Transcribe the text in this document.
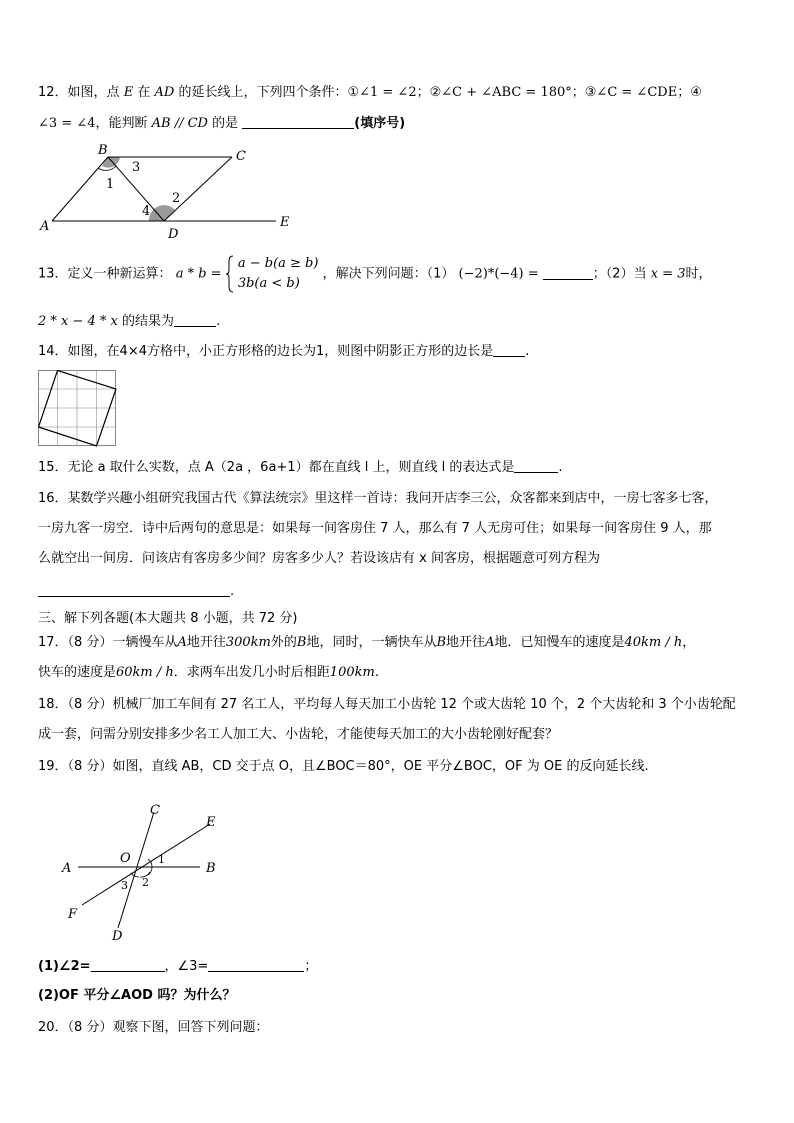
12．如图，点 E 在 AD 的延长线上，下列四个条件：①∠1 = ∠2；②∠C + ∠ABC = 180°；③∠C = ∠CDE；④
∠3 = ∠4，能判断 AB // CD 的是	(填序号)
B	C
A
D
E
1
2
3
4
13．定义一种新运算： a * b =  a − b(a ≥ b)
3b(a < b) ，解决下列问题：（1） (−2)*(−4) =	；（2）当 x = 3时，
2 * x − 4 * x 的结果为	.
14．如图，在4×4方格中，小正方形格的边长为1，则图中阴影正方形的边长是 .
15．无论 a 取什么实数，点 A（2a ，6a+1）都在直线 l 上，则直线 l 的表达式是	.
16．某数学兴趣小组研究我国古代《算法统宗》里这样一首诗：我问开店李三公，众客都来到店中，一房七客多七客，
一房九客一房空．诗中后两句的意思是：如果每一间客房住 7 人，那么有 7 人无房可住；如果每一间客房住 9 人，那
么就空出一间房．问该店有客房多少间？房客多少人？若设该店有 x 间客房，根据题意可列方程为
.
三、解下列各题(本大题共 8 小题，共 72 分)
17．（8 分）一辆慢车从A地开往300km外的B地，同时，一辆快车从B地开往A地．已知慢车的速度是40km / h，
快车的速度是60km / h．求两车出发几小时后相距100km.
18．（8 分）机械厂加工车间有 27 名工人，平均每人每天加工小齿轮 12 个或大齿轮 10 个，2 个大齿轮和 3 个小齿轮配
成一套，问需分别安排多少名工人加工大、小齿轮，才能使每天加工的大小齿轮刚好配套？
19．（8 分）如图，直线 AB，CD 交于点 O，且∠BOC＝80°，OE 平分∠BOC，OF 为 OE 的反向延长线.
C
E
A
O
B
F
D
1
2
3
(1)∠2=	，∠3=	；
(2)OF 平分∠AOD 吗？为什么？
20．（8 分）观察下图，回答下列问题：
